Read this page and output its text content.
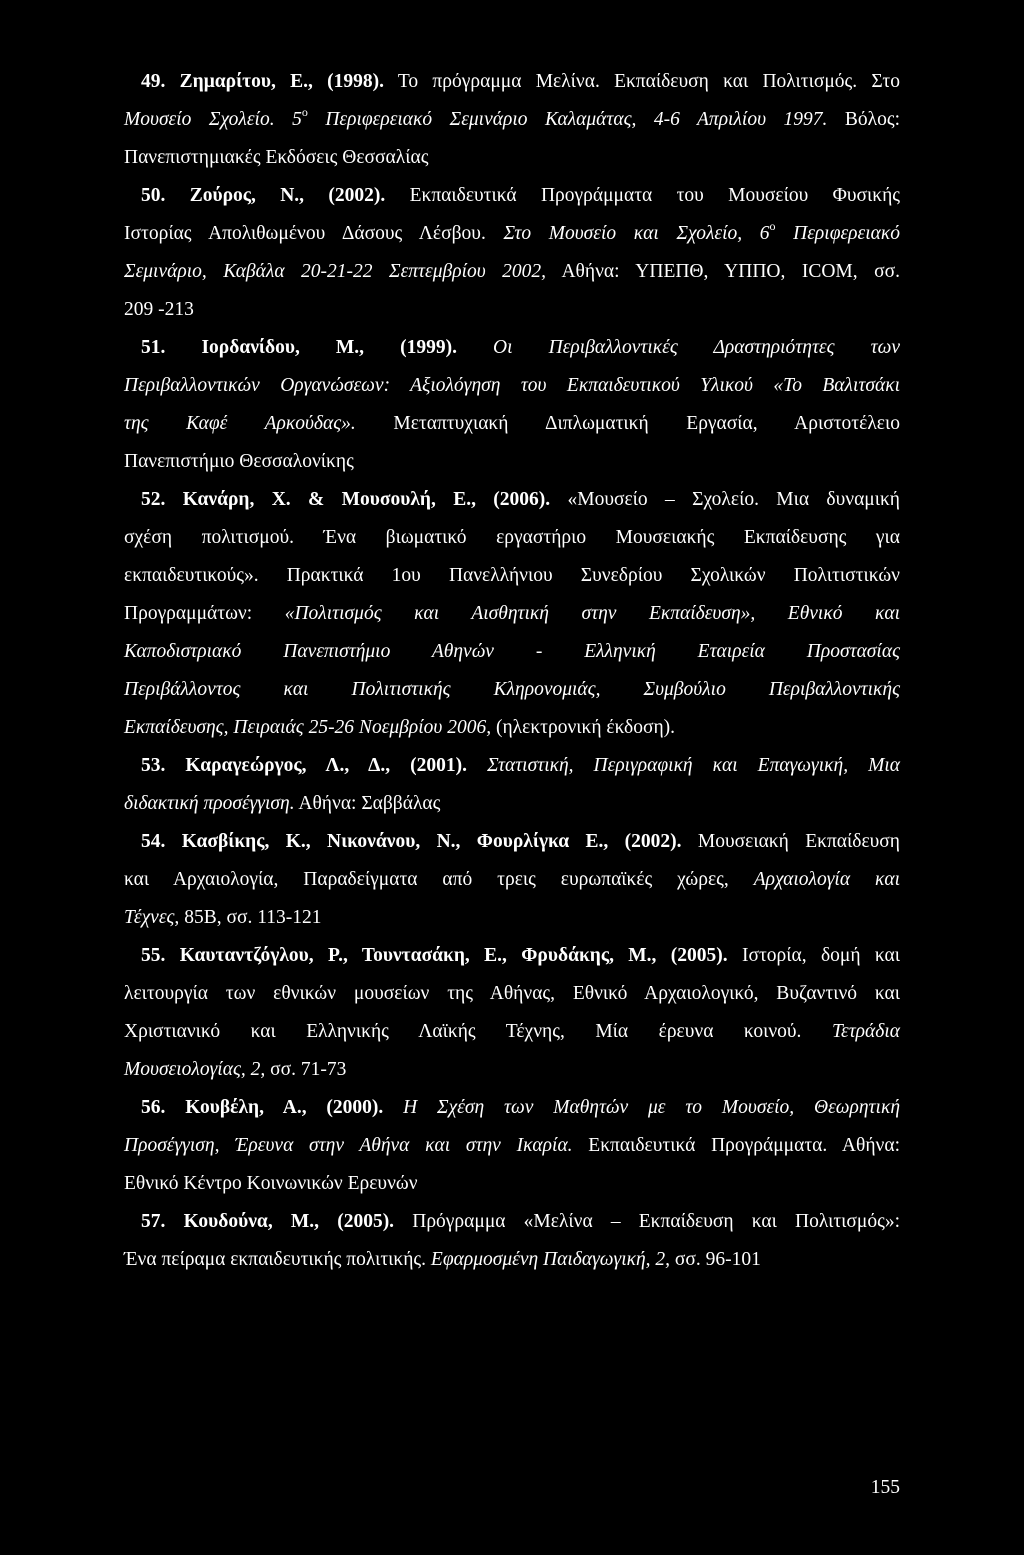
49. Ζημαρίτου, Ε., (1998). Το πρόγραμμα Μελίνα. Εκπαίδευση και Πολιτισμός. Στο
Μουσείο Σχολείο. $5^o$ Περιφερειακό Σεμινάριο Καλαμάτας, 4-6 Απριλίου 1997. Βόλος:
Πανεπιστημιακές Εκδόσεις Θεσσαλίας
50. Ζούρος, Ν., (2002). Εκπαιδευτικά Προγράμματα του Μουσείου Φυσικής
Ιστορίας Απολιθωμένου Δάσους Λέσβου. Στο Μουσείο και Σχολείο, $6^o$ Περιφερειακό
Σεμινάριο, Καβάλα 20-21-22 Σεπτεμβρίου 2002, Αθήνα: ΥΠΕΠΘ, ΥΠΠΟ, ICOM, σσ.
209 -213
51. Ιορδανίδου, Μ., (1999). Οι Περιβαλλοντικές Δραστηριότητες των
Περιβαλλοντικών Οργανώσεων: Αξιολόγηση του Εκπαιδευτικού Υλικού «Το Βαλιτσάκι
της Καφέ Αρκούδας». Μεταπτυχιακή Διπλωματική Εργασία, Αριστοτέλειο
Πανεπιστήμιο Θεσσαλονίκης
52. Κανάρη, Χ. & Μουσουλή, Ε., (2006). «Μουσείο – Σχολείο. Μια δυναμική
σχέση πολιτισμού. Ένα βιωματικό εργαστήριο Μουσειακής Εκπαίδευσης για
εκπαιδευτικούς». Πρακτικά 1ου Πανελλήνιου Συνεδρίου Σχολικών Πολιτιστικών
Προγραμμάτων: «Πολιτισμός και Αισθητική στην Εκπαίδευση», Εθνικό και
Καποδιστριακό Πανεπιστήμιο Αθηνών - Ελληνική Εταιρεία Προστασίας
Περιβάλλοντος και Πολιτιστικής Κληρονομιάς, Συμβούλιο Περιβαλλοντικής
Εκπαίδευσης, Πειραιάς 25-26 Νοεμβρίου 2006, (ηλεκτρονική έκδοση).
53. Καραγεώργος, Λ., Δ., (2001). Στατιστική, Περιγραφική και Επαγωγική, Μια
διδακτική προσέγγιση. Αθήνα: Σαββάλας
54. Κασβίκης, Κ., Νικονάνου, Ν., Φουρλίγκα Ε., (2002). Μουσειακή Εκπαίδευση
και Αρχαιολογία, Παραδείγματα από τρεις ευρωπαϊκές χώρες, Αρχαιολογία και
Τέχνες, 85Β, σσ. 113-121
55. Καυταντζόγλου, Ρ., Τουντασάκη, Ε., Φρυδάκης, Μ., (2005). Ιστορία, δομή και
λειτουργία των εθνικών μουσείων της Αθήνας, Εθνικό Αρχαιολογικό, Βυζαντινό και
Χριστιανικό και Ελληνικής Λαϊκής Τέχνης, Μία έρευνα κοινού. Τετράδια
Μουσειολογίας, 2, σσ. 71-73
56. Κουβέλη, Α., (2000). Η Σχέση των Μαθητών με το Μουσείο, Θεωρητική
Προσέγγιση, Έρευνα στην Αθήνα και στην Ικαρία. Εκπαιδευτικά Προγράμματα. Αθήνα:
Εθνικό Κέντρο Κοινωνικών Ερευνών
57. Κουδούνα, Μ., (2005). Πρόγραμμα «Μελίνα – Εκπαίδευση και Πολιτισμός»:
Ένα πείραμα εκπαιδευτικής πολιτικής. Εφαρμοσμένη Παιδαγωγική, 2, σσ. 96-101
155
